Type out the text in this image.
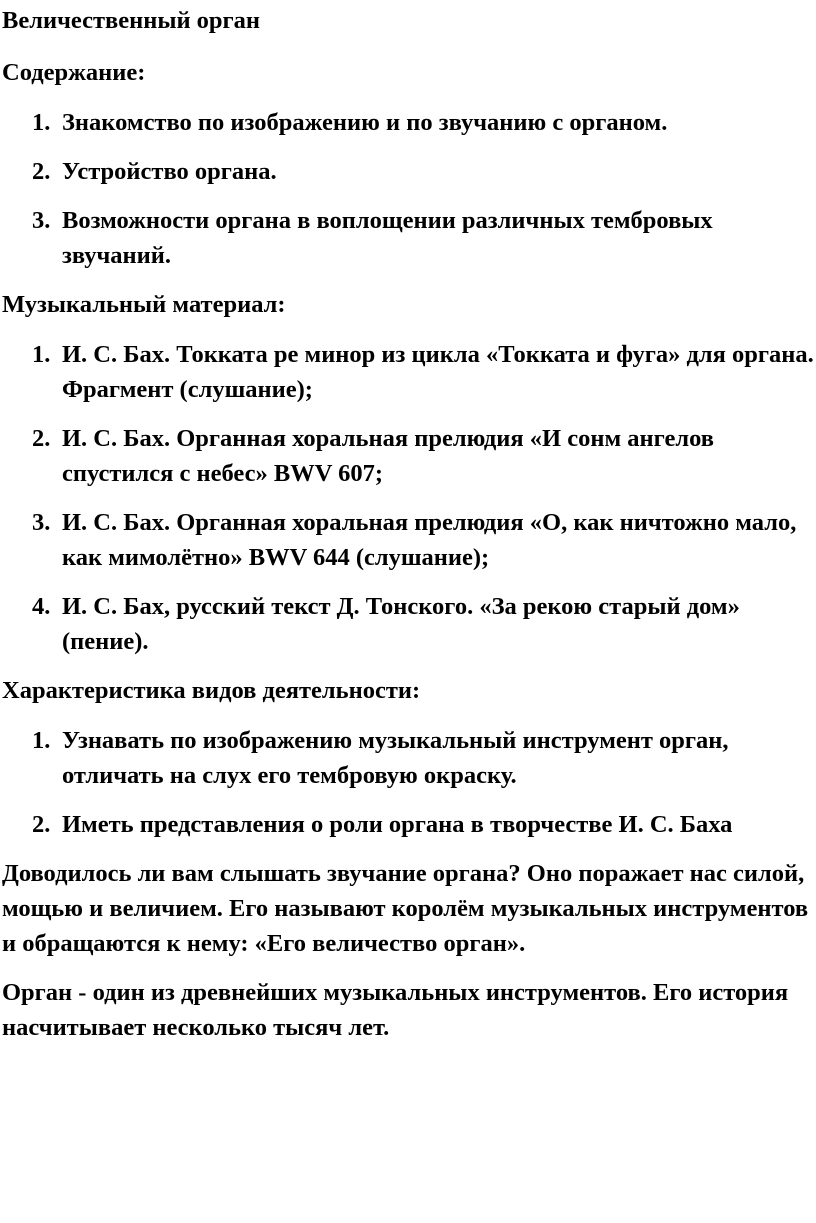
Величественный орган

Содержание:

1. Знакомство по изображению и по звучанию с органом.
2. Устройство органа.
3. Возможности органа в воплощении различных тембровых звучаний.

Музыкальный материал:

1. И. С. Бах. Токката ре минор из цикла «Токката и фуга» для органа. Фрагмент (слушание);
2. И. С. Бах. Органная хоральная прелюдия «И сонм ангелов спустился с небес» BWV 607;
3. И. С. Бах. Органная хоральная прелюдия «О, как ничтожно мало, как мимолётно» BWV 644 (слушание);
4. И. С. Бах, русский текст Д. Тонского. «За рекою старый дом» (пение).

Характеристика видов деятельности:

1. Узнавать по изображению музыкальный инструмент орган, отличать на слух его тембровую окраску.
2. Иметь представления о роли органа в творчестве И. С. Баха

Доводилось ли вам слышать звучание органа? Оно поражает нас силой, мощью и величием. Его называют королём музыкальных инструментов и обращаются к нему: «Его величество орган».

Орган - один из древнейших музыкальных инструментов. Его история насчитывает несколько тысяч лет.
